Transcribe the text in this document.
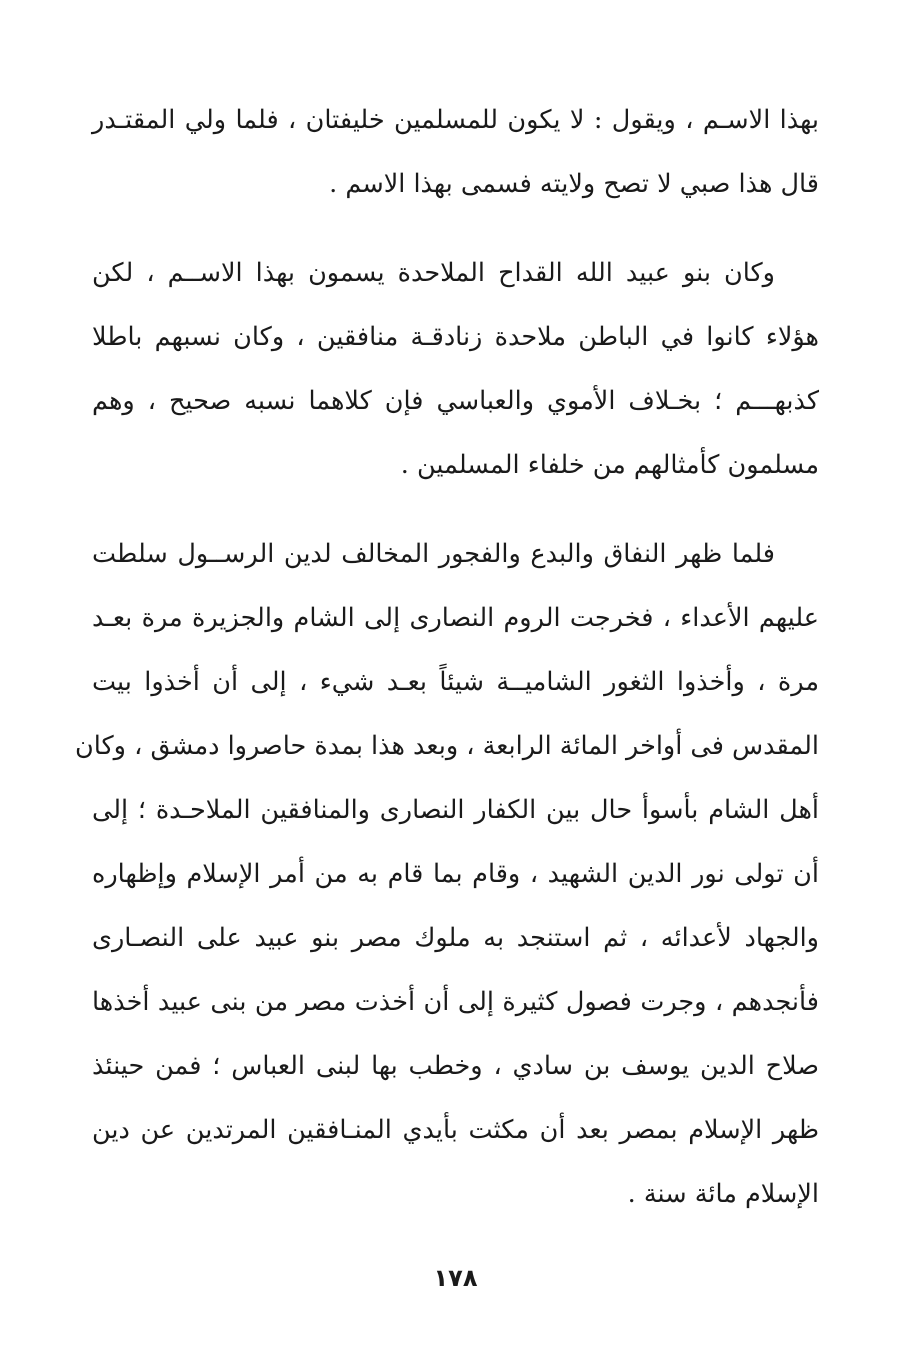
بهذا الاسـم ، ويقول : لا يكون للمسلمين خليفتان ، فلما ولي المقتـدر
قال هذا صبي لا تصح ولايته فسمى بهذا الاسم .
وكان بنو عبيد الله القداح الملاحدة يسمون بهذا الاســم ، لكن
هؤلاء كانوا في الباطن ملاحدة زنادقـة منافقين ، وكان نسبهم باطلا
كذبهـــم ؛ بخـلاف الأموي والعباسي فإن كلاهما نسبه صحيح ، وهم
مسلمون كأمثالهم من خلفاء المسلمين .
فلما ظهر النفاق والبدع والفجور المخالف لدين الرســول سلطت
عليهم الأعداء ، فخرجت الروم النصارى إلى الشام والجزيرة مرة بعـد
مرة ، وأخذوا الثغور الشاميــة شيئاً بعـد شيء ، إلى أن أخذوا بيت
المقدس فى أواخر المائة الرابعة ، وبعد هذا بمدة حاصروا دمشق ، وكان
أهل الشام بأسوأ حال بين الكفار النصارى والمنافقين الملاحـدة ؛ إلى
أن تولى نور الدين الشهيد ، وقام بما قام به من أمر الإسلام وإظهاره
والجهاد لأعدائه ، ثم استنجد به ملوك مصر بنو عبيد على النصـارى
فأنجدهم ، وجرت فصول كثيرة إلى أن أخذت مصر من بنى عبيد أخذها
صلاح الدين يوسف بن سادي ، وخطب بها لبنى العباس ؛ فمن حينئذ
ظهر الإسلام بمصر بعد أن مكثت بأيدي المنـافقين المرتدين عن دين
الإسلام مائة سنة .
١٧٨
